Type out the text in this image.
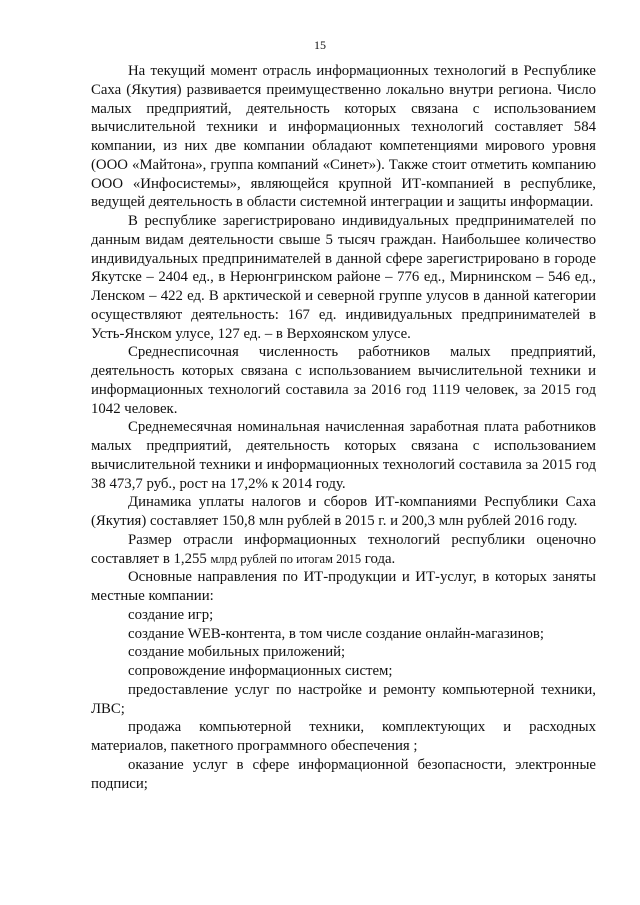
15

На текущий момент отрасль информационных технологий в Республике Саха (Якутия) развивается преимущественно локально внутри региона. Число малых предприятий, деятельность которых связана с использованием вычислительной техники и информационных технологий составляет 584 компании, из них две компании обладают компетенциями мирового уровня (ООО «Майтона», группа компаний «Синет»). Также стоит отметить компанию ООО «Инфосистемы», являющейся крупной ИТ-компанией в республике, ведущей деятельность в области системной интеграции и защиты информации.

В республике зарегистрировано индивидуальных предпринимателей по данным видам деятельности свыше 5 тысяч граждан. Наибольшее количество индивидуальных предпринимателей в данной сфере зарегистрировано в городе Якутске – 2404 ед., в Нерюнгринском районе – 776 ед., Мирнинском – 546 ед., Ленском – 422 ед. В арктической и северной группе улусов в данной категории осуществляют деятельность: 167 ед. индивидуальных предпринимателей в Усть-Янском улусе, 127 ед. – в Верхоянском улусе.

Среднесписочная численность работников малых предприятий, деятельность которых связана с использованием вычислительной техники и информационных технологий составила за 2016 год 1119 человек, за 2015 год 1042 человек.

Среднемесячная номинальная начисленная заработная плата работников малых предприятий, деятельность которых связана с использованием вычислительной техники и информационных технологий составила за 2015 год 38 473,7 руб., рост на 17,2% к 2014 году.

Динамика уплаты налогов и сборов ИТ-компаниями Республики Саха (Якутия) составляет 150,8 млн рублей в 2015 г. и 200,3 млн рублей 2016 году.

Размер отрасли информационных технологий республики оценочно составляет в 1,255 млрд рублей по итогам 2015 года.

Основные направления по ИТ-продукции и ИТ-услуг, в которых заняты местные компании:

создание игр;

создание WEB-контента, в том числе создание онлайн-магазинов;

создание мобильных приложений;

сопровождение информационных систем;

предоставление услуг по настройке и ремонту компьютерной техники, ЛВС;

продажа компьютерной техники, комплектующих и расходных материалов, пакетного программного обеспечения ;

оказание услуг в сфере информационной безопасности, электронные подписи;
